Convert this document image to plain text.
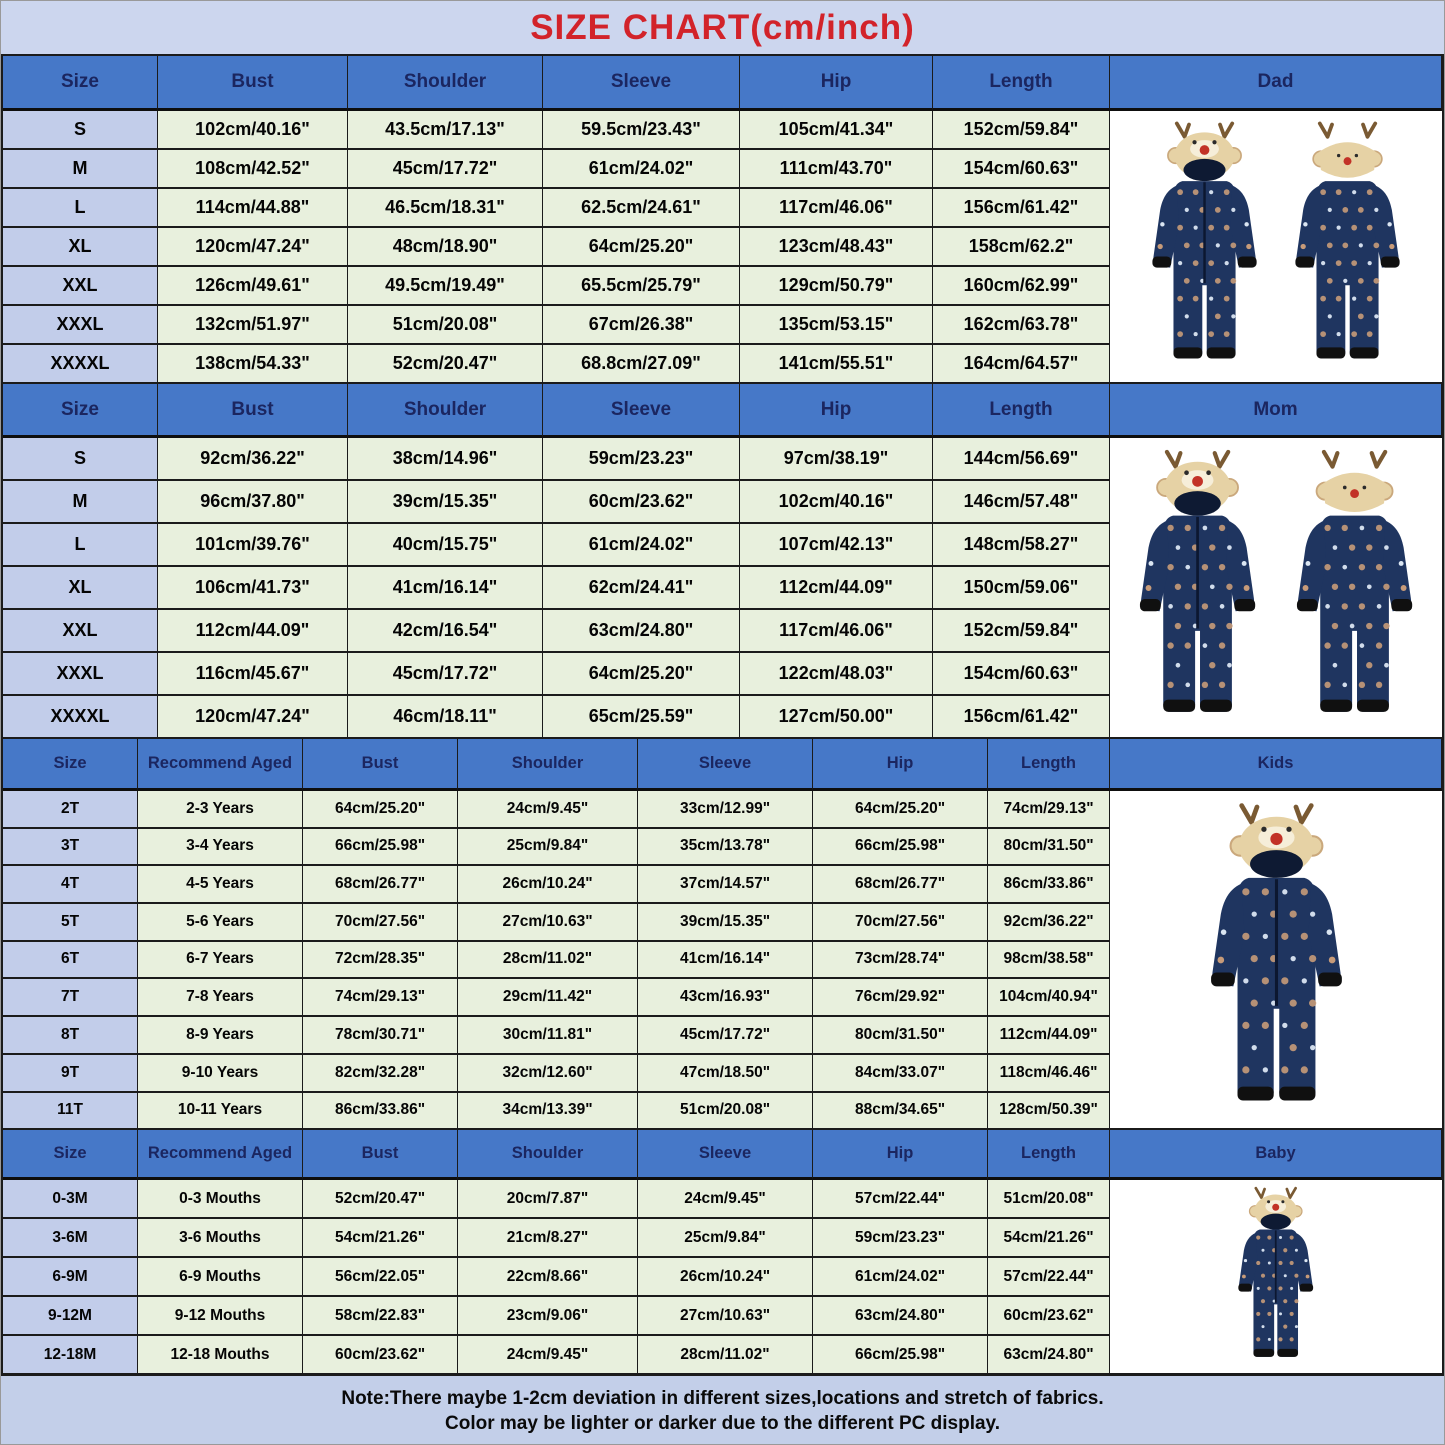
SIZE CHART(cm/inch)
Size	Bust	Shoulder	Sleeve	Hip	Length	Dad
S	102cm/40.16"	43.5cm/17.13"	59.5cm/23.43"	105cm/41.34"	152cm/59.84"
M	108cm/42.52"	45cm/17.72"	61cm/24.02"	111cm/43.70"	154cm/60.63"
L	114cm/44.88"	46.5cm/18.31"	62.5cm/24.61"	117cm/46.06"	156cm/61.42"
XL	120cm/47.24"	48cm/18.90"	64cm/25.20"	123cm/48.43"	158cm/62.2"
XXL	126cm/49.61"	49.5cm/19.49"	65.5cm/25.79"	129cm/50.79"	160cm/62.99"
XXXL	132cm/51.97"	51cm/20.08"	67cm/26.38"	135cm/53.15"	162cm/63.78"
XXXXL	138cm/54.33"	52cm/20.47"	68.8cm/27.09"	141cm/55.51"	164cm/64.57"
Size	Bust	Shoulder	Sleeve	Hip	Length	Mom
S	92cm/36.22"	38cm/14.96"	59cm/23.23"	97cm/38.19"	144cm/56.69"
M	96cm/37.80"	39cm/15.35"	60cm/23.62"	102cm/40.16"	146cm/57.48"
L	101cm/39.76"	40cm/15.75"	61cm/24.02"	107cm/42.13"	148cm/58.27"
XL	106cm/41.73"	41cm/16.14"	62cm/24.41"	112cm/44.09"	150cm/59.06"
XXL	112cm/44.09"	42cm/16.54"	63cm/24.80"	117cm/46.06"	152cm/59.84"
XXXL	116cm/45.67"	45cm/17.72"	64cm/25.20"	122cm/48.03"	154cm/60.63"
XXXXL	120cm/47.24"	46cm/18.11"	65cm/25.59"	127cm/50.00"	156cm/61.42"
Size	Recommend Aged	Bust	Shoulder	Sleeve	Hip	Length	Kids
2T	2-3 Years	64cm/25.20"	24cm/9.45"	33cm/12.99"	64cm/25.20"	74cm/29.13"
3T	3-4 Years	66cm/25.98"	25cm/9.84"	35cm/13.78"	66cm/25.98"	80cm/31.50"
4T	4-5 Years	68cm/26.77"	26cm/10.24"	37cm/14.57"	68cm/26.77"	86cm/33.86"
5T	5-6 Years	70cm/27.56"	27cm/10.63"	39cm/15.35"	70cm/27.56"	92cm/36.22"
6T	6-7 Years	72cm/28.35"	28cm/11.02"	41cm/16.14"	73cm/28.74"	98cm/38.58"
7T	7-8 Years	74cm/29.13"	29cm/11.42"	43cm/16.93"	76cm/29.92"	104cm/40.94"
8T	8-9 Years	78cm/30.71"	30cm/11.81"	45cm/17.72"	80cm/31.50"	112cm/44.09"
9T	9-10 Years	82cm/32.28"	32cm/12.60"	47cm/18.50"	84cm/33.07"	118cm/46.46"
11T	10-11 Years	86cm/33.86"	34cm/13.39"	51cm/20.08"	88cm/34.65"	128cm/50.39"
Size	Recommend Aged	Bust	Shoulder	Sleeve	Hip	Length	Baby
0-3M	0-3 Mouths	52cm/20.47"	20cm/7.87"	24cm/9.45"	57cm/22.44"	51cm/20.08"
3-6M	3-6 Mouths	54cm/21.26"	21cm/8.27"	25cm/9.84"	59cm/23.23"	54cm/21.26"
6-9M	6-9 Mouths	56cm/22.05"	22cm/8.66"	26cm/10.24"	61cm/24.02"	57cm/22.44"
9-12M	9-12 Mouths	58cm/22.83"	23cm/9.06"	27cm/10.63"	63cm/24.80"	60cm/23.62"
12-18M	12-18 Mouths	60cm/23.62"	24cm/9.45"	28cm/11.02"	66cm/25.98"	63cm/24.80"

Note:There maybe 1-2cm deviation in different sizes,locations and stretch of fabrics.

Color may be lighter or darker due to the different PC display.
